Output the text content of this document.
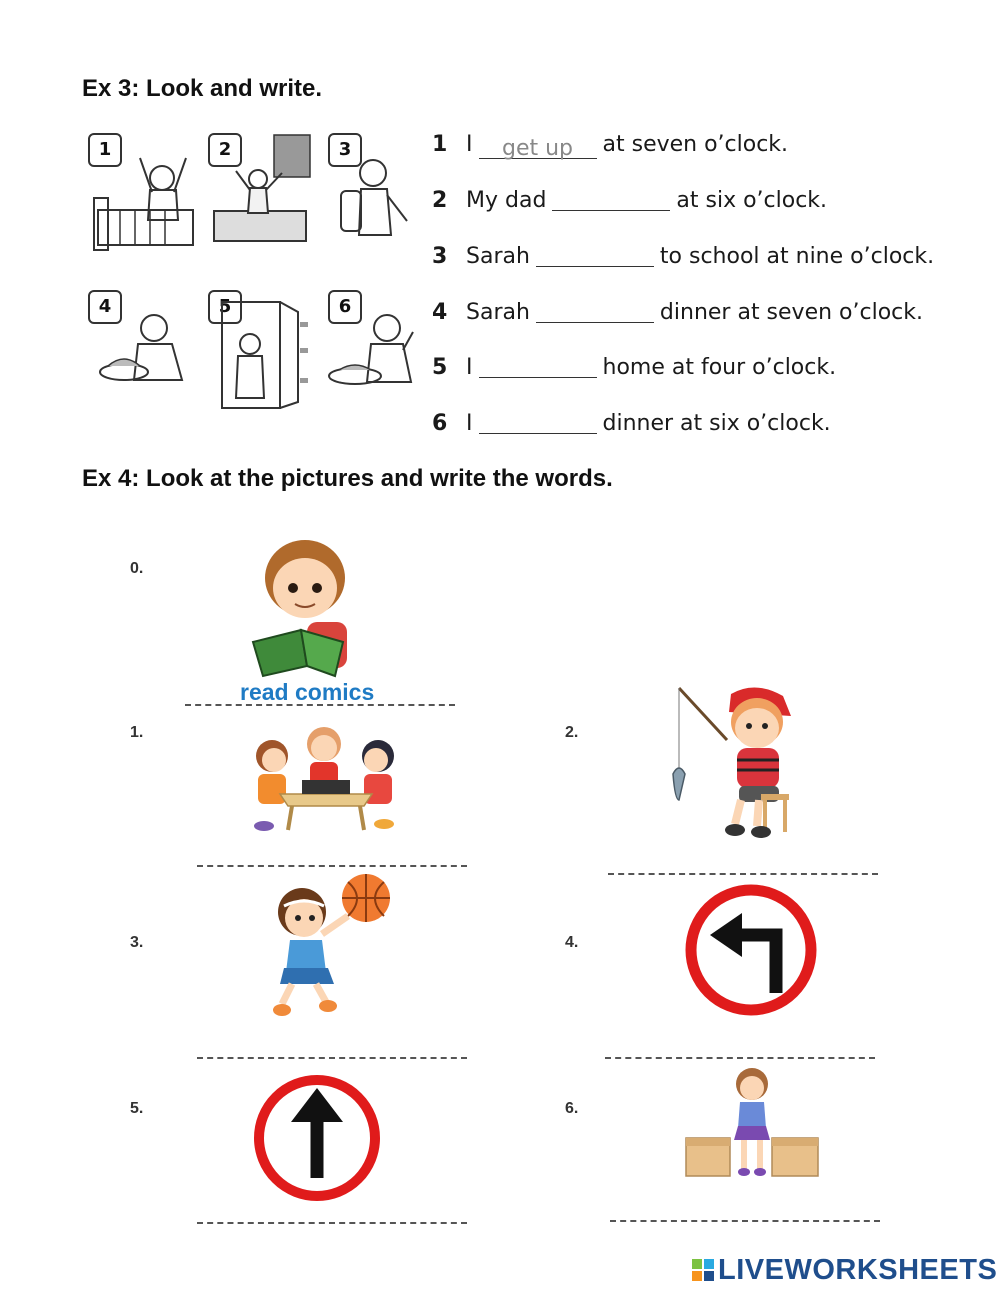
Ex 3: Look and write.
1	2	3
4	5	6
1 I get up at seven o’clock.
2 My dad	at six o’clock.
3 Sarah	to school at nine o’clock.
4 Sarah	dinner at seven o’clock.
5 I	home at four o’clock.
6 I	dinner at six o’clock.
Ex 4: Look at the pictures and write the words.
0.
read comics
1.	2.
3.	4.
5.	6.
LIVEWORKSHEETS
